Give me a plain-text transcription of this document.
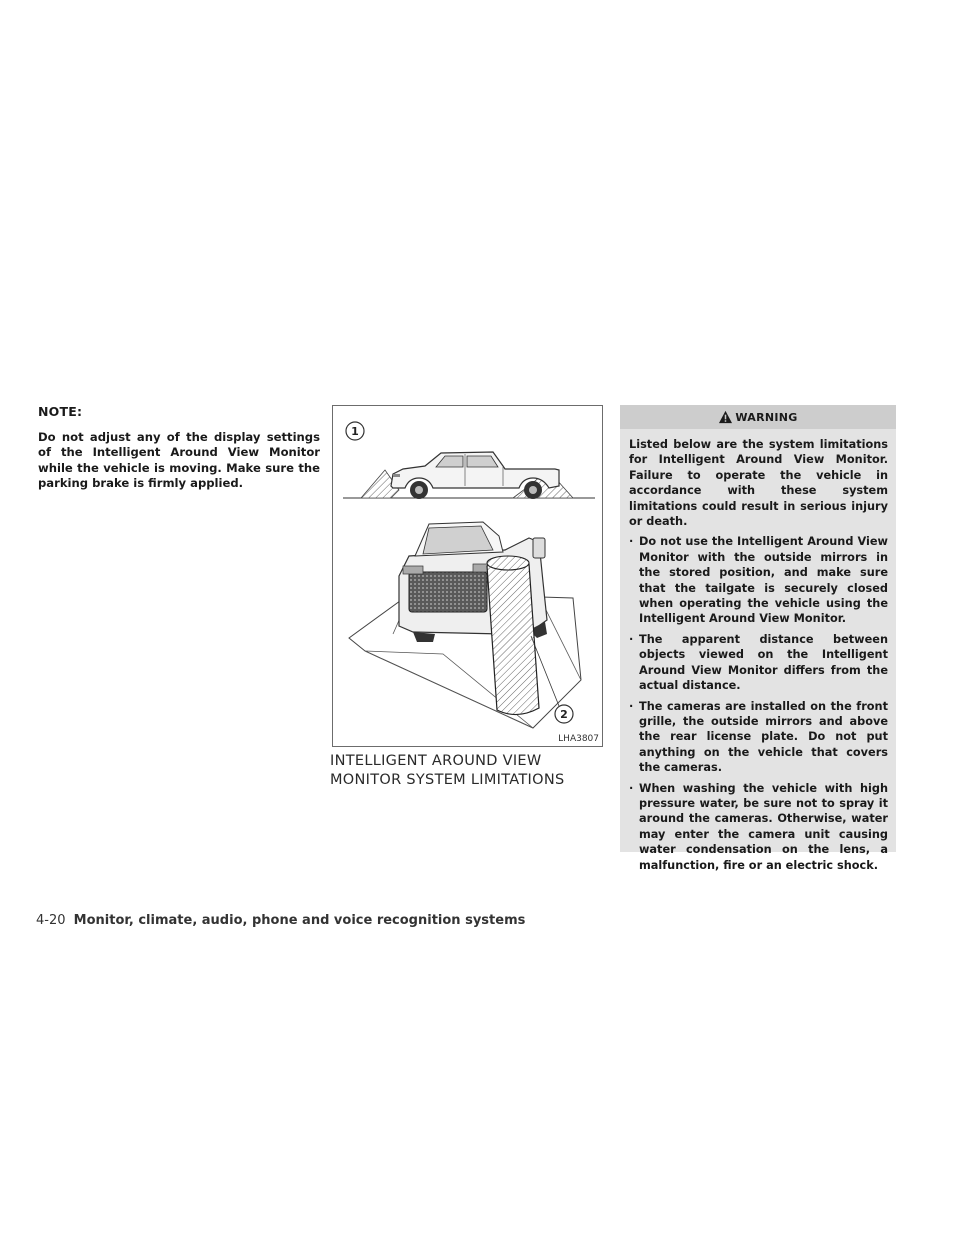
NOTE:
Do not adjust any of the display settings of the Intelligent Around View Monitor while the vehicle is moving. Make sure the parking brake is firmly applied.
1
2
LHA3807
INTELLIGENT AROUND VIEW MONITOR SYSTEM LIMITATIONS
WARNING

Listed below are the system limitations for Intelligent Around View Monitor. Failure to operate the vehicle in accordance with these system limitations could result in serious injury or death.

· Do not use the Intelligent Around View Monitor with the outside mirrors in the stored position, and make sure that the tailgate is securely closed when operating the vehicle using the Intelligent Around View Monitor.
· The apparent distance between objects viewed on the Intelligent Around View Monitor differs from the actual distance.
· The cameras are installed on the front grille, the outside mirrors and above the rear license plate. Do not put anything on the vehicle that covers the cameras.
· When washing the vehicle with high pressure water, be sure not to spray it around the cameras. Otherwise, water may enter the camera unit causing water condensation on the lens, a malfunction, fire or an electric shock.
4-20 Monitor, climate, audio, phone and voice recognition systems
